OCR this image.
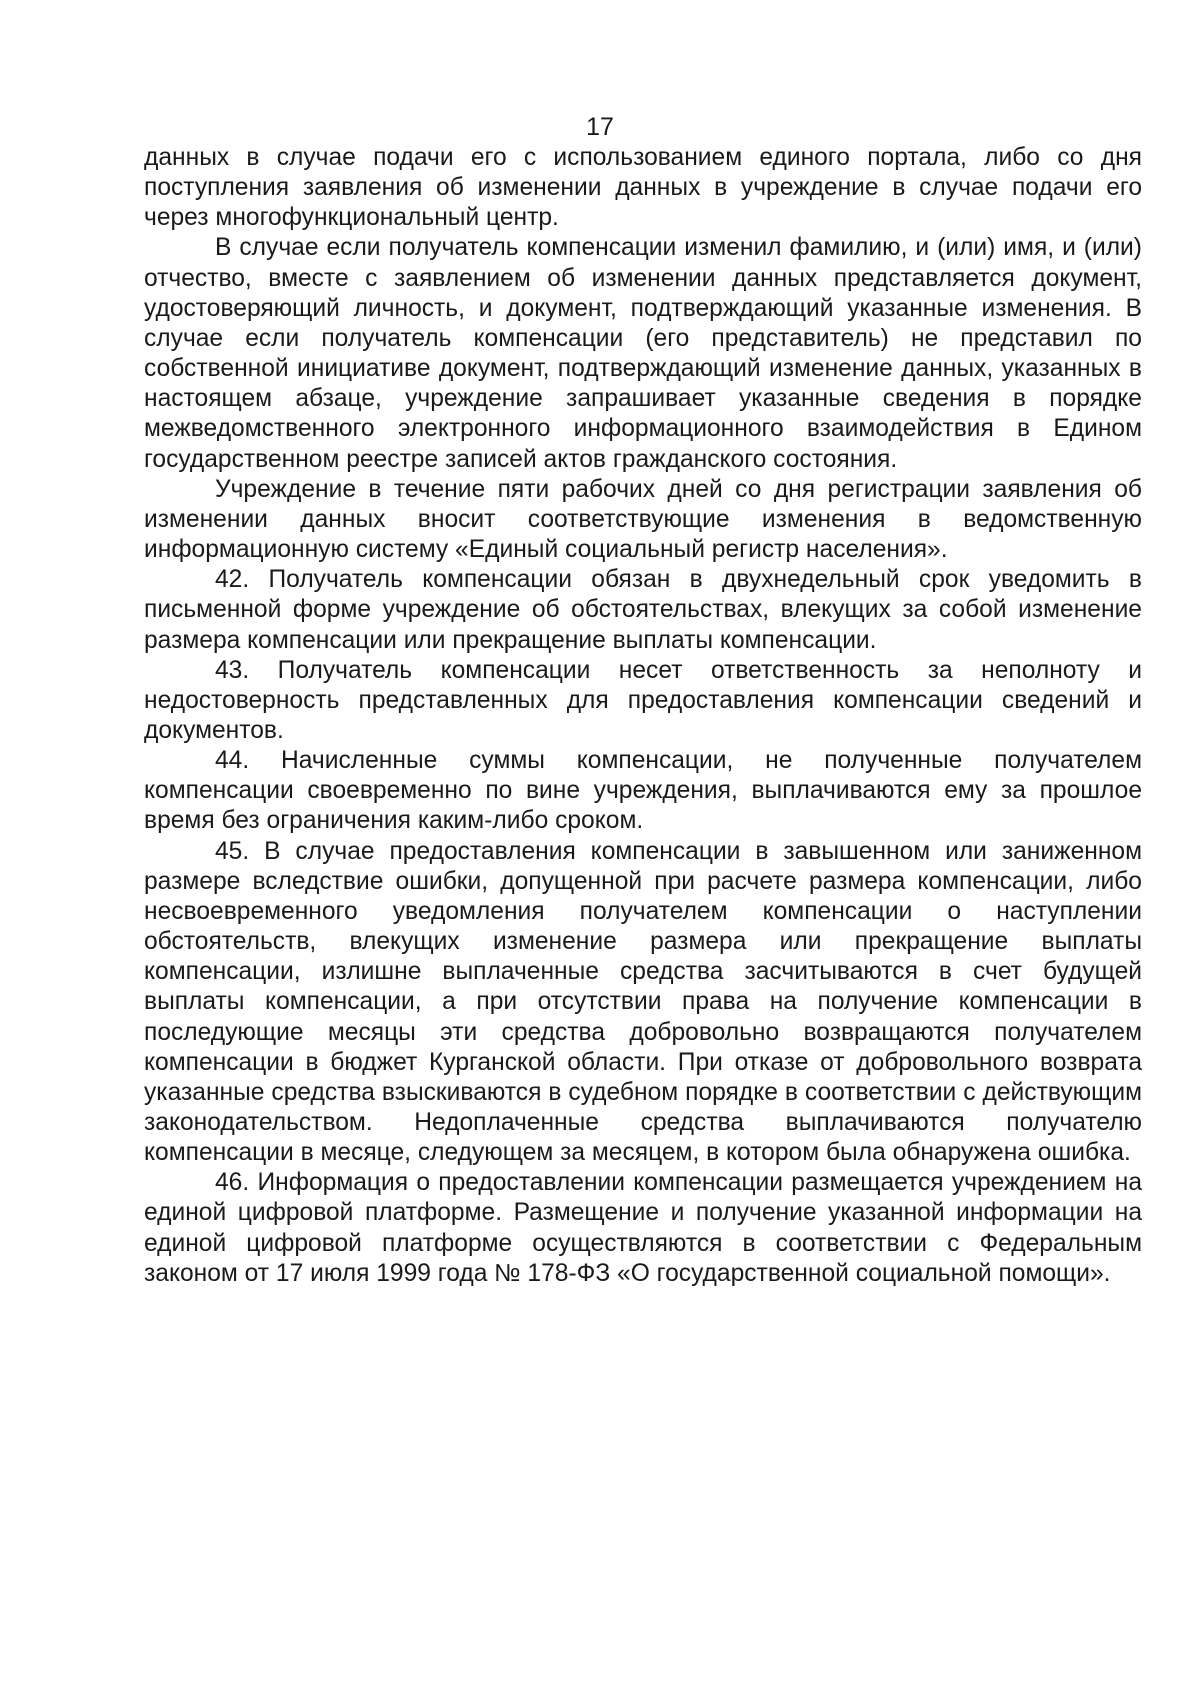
17

данных в случае подачи его с использованием единого портала, либо со дня поступления заявления об изменении данных в учреждение в случае подачи его через многофункциональный центр.

В случае если получатель компенсации изменил фамилию, и (или) имя, и (или) отчество, вместе с заявлением об изменении данных представляется документ, удостоверяющий личность, и документ, подтверждающий указанные изменения. В случае если получатель компенсации (его представитель) не представил по собственной инициативе документ, подтверждающий изменение данных, указанных в настоящем абзаце, учреждение запрашивает указанные сведения в порядке межведомственного электронного информационного взаимодействия в Едином государственном реестре записей актов гражданского состояния.

Учреждение в течение пяти рабочих дней со дня регистрации заявления об изменении данных вносит соответствующие изменения в ведомственную информационную систему «Единый социальный регистр населения».

42. Получатель компенсации обязан в двухнедельный срок уведомить в письменной форме учреждение об обстоятельствах, влекущих за собой изменение размера компенсации или прекращение выплаты компенсации.

43. Получатель компенсации несет ответственность за неполноту и недостоверность представленных для предоставления компенсации сведений и документов.

44. Начисленные суммы компенсации, не полученные получателем компенсации своевременно по вине учреждения, выплачиваются ему за прошлое время без ограничения каким-либо сроком.

45. В случае предоставления компенсации в завышенном или заниженном размере вследствие ошибки, допущенной при расчете размера компенсации, либо несвоевременного уведомления получателем компенсации о наступлении обстоятельств, влекущих изменение размера или прекращение выплаты компенсации, излишне выплаченные средства засчитываются в счет будущей выплаты компенсации, а при отсутствии права на получение компенсации в последующие месяцы эти средства добровольно возвращаются получателем компенсации в бюджет Курганской области. При отказе от добровольного возврата указанные средства взыскиваются в судебном порядке в соответствии с действующим законодательством. Недоплаченные средства выплачиваются получателю компенсации в месяце, следующем за месяцем, в котором была обнаружена ошибка.

46. Информация о предоставлении компенсации размещается учреждением на единой цифровой платформе. Размещение и получение указанной информации на единой цифровой платформе осуществляются в соответствии с Федеральным законом от 17 июля 1999 года № 178-ФЗ «О государственной социальной помощи».
